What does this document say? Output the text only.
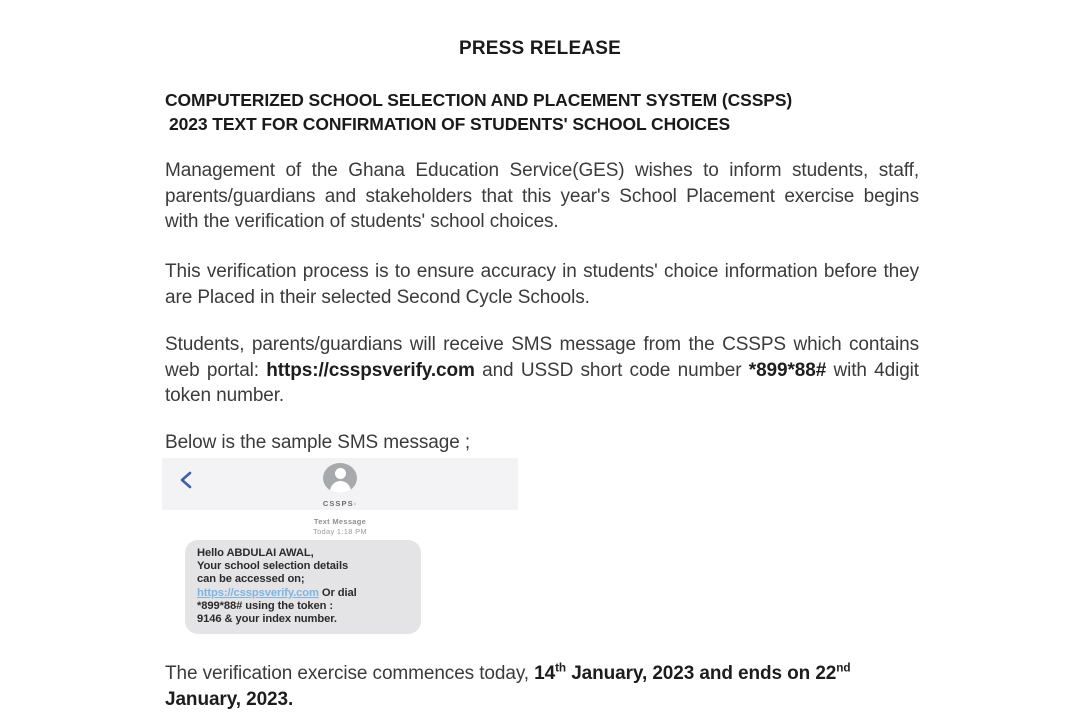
PRESS RELEASE
COMPUTERIZED SCHOOL SELECTION AND PLACEMENT SYSTEM (CSSPS)
2023 TEXT FOR CONFIRMATION OF STUDENTS' SCHOOL CHOICES
Management of the Ghana Education Service(GES) wishes to inform students, staff, parents/guardians and stakeholders that this year's School Placement exercise begins with the verification of students' school choices.
This verification process is to ensure accuracy in students' choice information before they are Placed in their selected Second Cycle Schools.
Students, parents/guardians will receive SMS message from the CSSPS which contains web portal: https://csspsverify.com and USSD short code number *899*88# with 4digit token number.
Below is the sample SMS message ;
CSSPS›
Text Message
Today 1:18 PM
Hello ABDULAI AWAL,
Your school selection details
can be accessed on;
https://csspsverify.com Or dial
*899*88# using the token :
9146 & your index number.
The verification exercise commences today, 14th January, 2023 and ends on 22nd January, 2023.
